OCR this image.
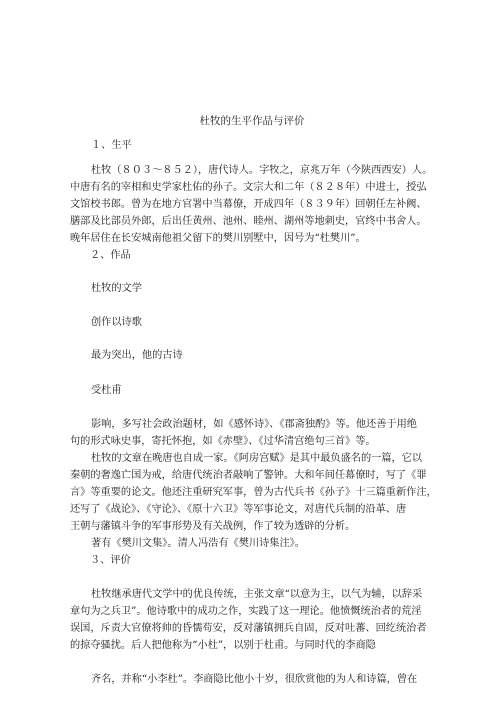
杜牧的生平作品与评价
１、生平
杜牧（８０３～８５２），唐代诗人。字牧之，京兆万年（今陕西西安）人。
中唐有名的宰相和史学家杜佑的孙子。文宗大和二年（８２８年）中进士，授弘
文馆校书郎。曾为在地方官署中当幕僚，开成四年（８３９年）回朝任左补阙、
膳部及比部员外郎，后出任黄州、池州、睦州、湖州等地刺史，官终中书舍人。
晚年居住在长安城南他祖父留下的樊川别墅中，因号为“杜樊川”。
２、作品
杜牧的文学
创作以诗歌
最为突出，他的古诗
受杜甫
影响，多写社会政治题材，如《感怀诗》、《郡斋独酌》等。他还善于用绝
句的形式咏史事，寄托怀抱，如《赤壁》、《过华清宫绝句三首》等。
杜牧的文章在晚唐也自成一家。《阿房宫赋》是其中最负盛名的一篇，它以
秦朝的奢逸亡国为戒，给唐代统治者敲响了警钟。大和年间任幕僚时，写了《罪
言》等重要的论文。他还注重研究军事，曾为古代兵书《孙子》十三篇重新作注，
还写了《战论》、《守论》、《原十六卫》等军事论文，对唐代兵制的沿革、唐
王朝与藩镇斗争的军事形势及有关战例，作了较为透辟的分析。
著有《樊川文集》。清人冯浩有《樊川诗集注》。
３、评价
杜牧继承唐代文学中的优良传统，主张文章“以意为主，以气为辅，以辞采
章句为之兵卫”。他诗歌中的成功之作，实践了这一理论。他愤慨统治者的荒淫
误国，斥责大官僚将帅的昏懦苟安，反对藩镇拥兵自固，反对吐蕃、回纥统治者
的掠夺骚扰。后人把他称为“小杜”，以别于杜甫。与同时代的李商隐
齐名，并称“小李杜”。李商隐比他小十岁，很欣赏他的为人和诗篇，曾在
